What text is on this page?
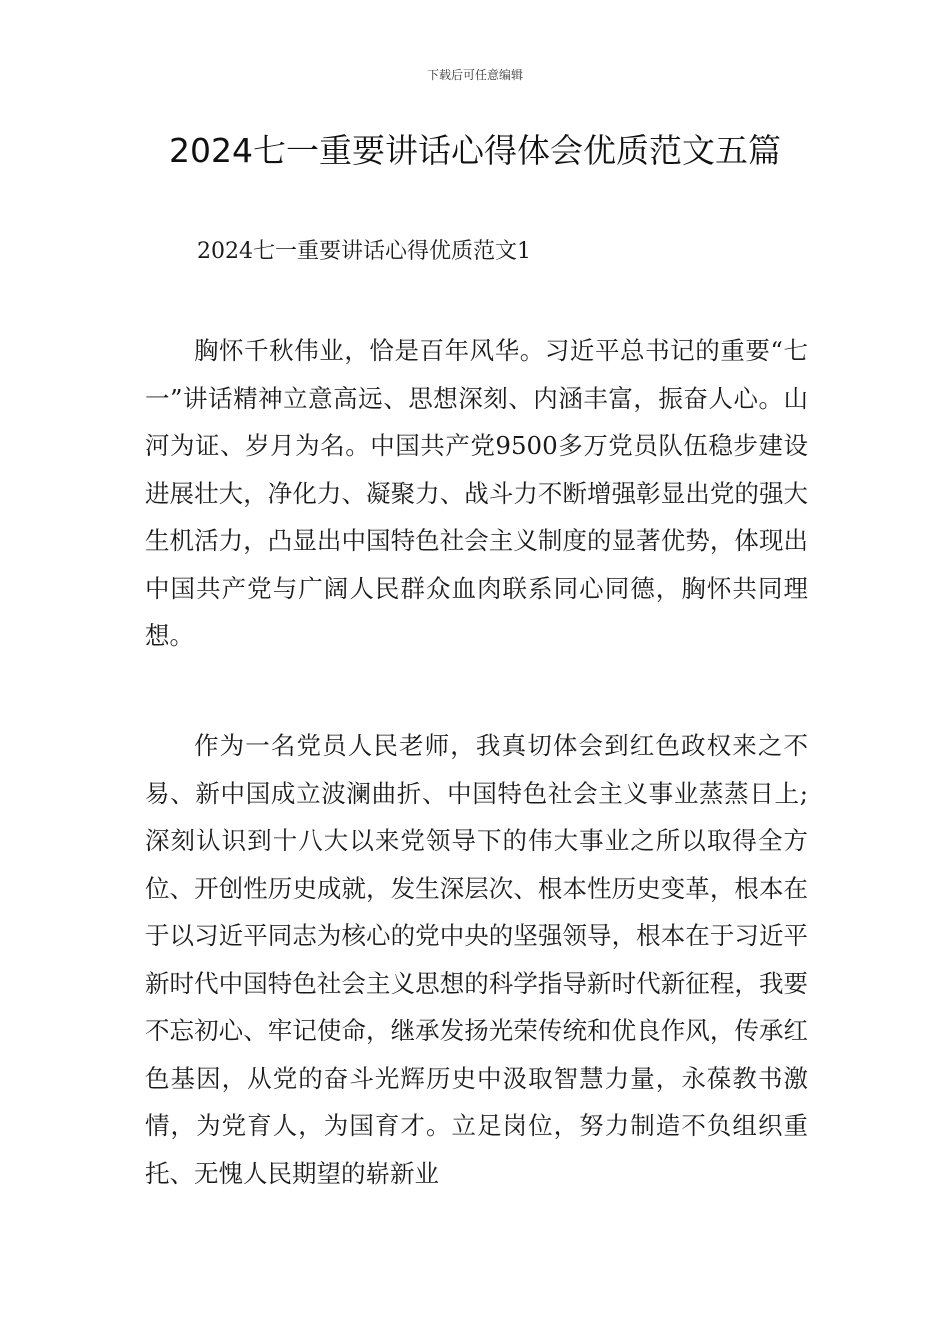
下载后可任意编辑
2024七一重要讲话心得体会优质范文五篇
2024七一重要讲话心得优质范文1

胸怀千秋伟业，恰是百年风华。习近平总书记的重要“七一”讲话精神立意高远、思想深刻、内涵丰富，振奋人心。山河为证、岁月为名。中国共产党9500多万党员队伍稳步建设进展壮大，净化力、凝聚力、战斗力不断增强彰显出党的强大生机活力，凸显出中国特色社会主义制度的显著优势，体现出中国共产党与广阔人民群众血肉联系同心同德，胸怀共同理想。

作为一名党员人民老师，我真切体会到红色政权来之不易、新中国成立波澜曲折、中国特色社会主义事业蒸蒸日上;深刻认识到十八大以来党领导下的伟大事业之所以取得全方位、开创性历史成就，发生深层次、根本性历史变革，根本在于以习近平同志为核心的党中央的坚强领导，根本在于习近平新时代中国特色社会主义思想的科学指导新时代新征程，我要不忘初心、牢记使命，继承发扬光荣传统和优良作风，传承红色基因，从党的奋斗光辉历史中汲取智慧力量，永葆教书激情，为党育人，为国育才。立足岗位，努力制造不负组织重托、无愧人民期望的崭新业
